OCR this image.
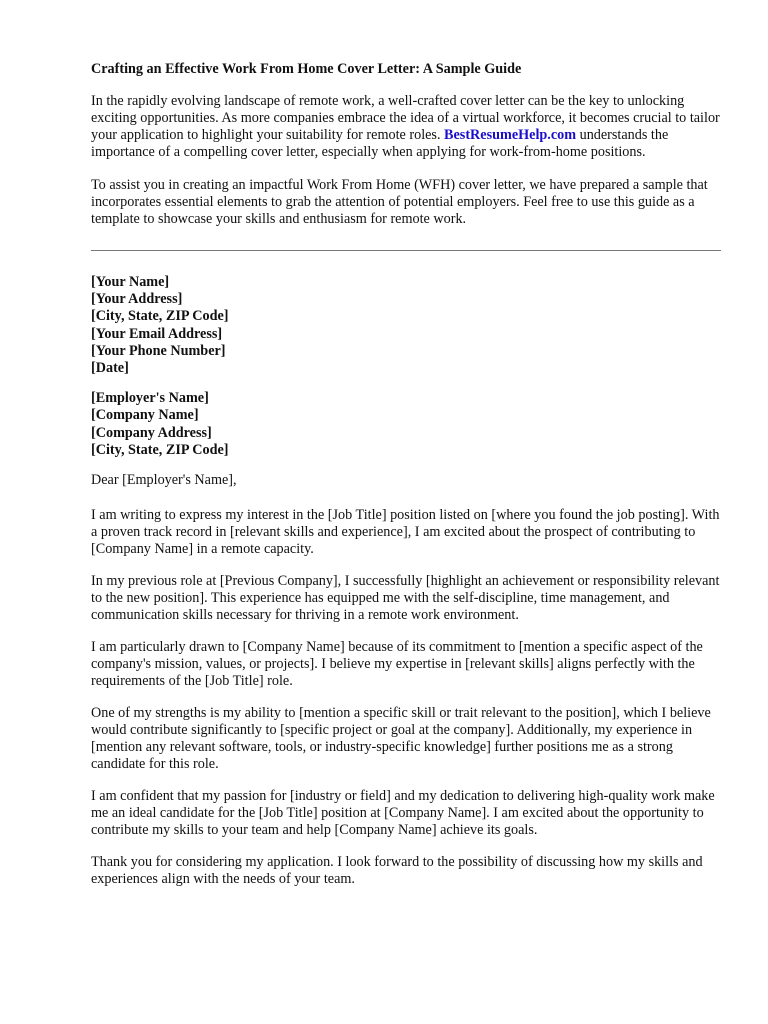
Crafting an Effective Work From Home Cover Letter: A Sample Guide
In the rapidly evolving landscape of remote work, a well-crafted cover letter can be the key to unlocking exciting opportunities. As more companies embrace the idea of a virtual workforce, it becomes crucial to tailor your application to highlight your suitability for remote roles. BestResumeHelp.com understands the importance of a compelling cover letter, especially when applying for work-from-home positions.
To assist you in creating an impactful Work From Home (WFH) cover letter, we have prepared a sample that incorporates essential elements to grab the attention of potential employers. Feel free to use this guide as a template to showcase your skills and enthusiasm for remote work.
[Your Name]
[Your Address]
[City, State, ZIP Code]
[Your Email Address]
[Your Phone Number]
[Date]
[Employer's Name]
[Company Name]
[Company Address]
[City, State, ZIP Code]
Dear [Employer's Name],
I am writing to express my interest in the [Job Title] position listed on [where you found the job posting]. With a proven track record in [relevant skills and experience], I am excited about the prospect of contributing to [Company Name] in a remote capacity.
In my previous role at [Previous Company], I successfully [highlight an achievement or responsibility relevant to the new position]. This experience has equipped me with the self-discipline, time management, and communication skills necessary for thriving in a remote work environment.
I am particularly drawn to [Company Name] because of its commitment to [mention a specific aspect of the company's mission, values, or projects]. I believe my expertise in [relevant skills] aligns perfectly with the requirements of the [Job Title] role.
One of my strengths is my ability to [mention a specific skill or trait relevant to the position], which I believe would contribute significantly to [specific project or goal at the company]. Additionally, my experience in [mention any relevant software, tools, or industry-specific knowledge] further positions me as a strong candidate for this role.
I am confident that my passion for [industry or field] and my dedication to delivering high-quality work make me an ideal candidate for the [Job Title] position at [Company Name]. I am excited about the opportunity to contribute my skills to your team and help [Company Name] achieve its goals.
Thank you for considering my application. I look forward to the possibility of discussing how my skills and experiences align with the needs of your team.
